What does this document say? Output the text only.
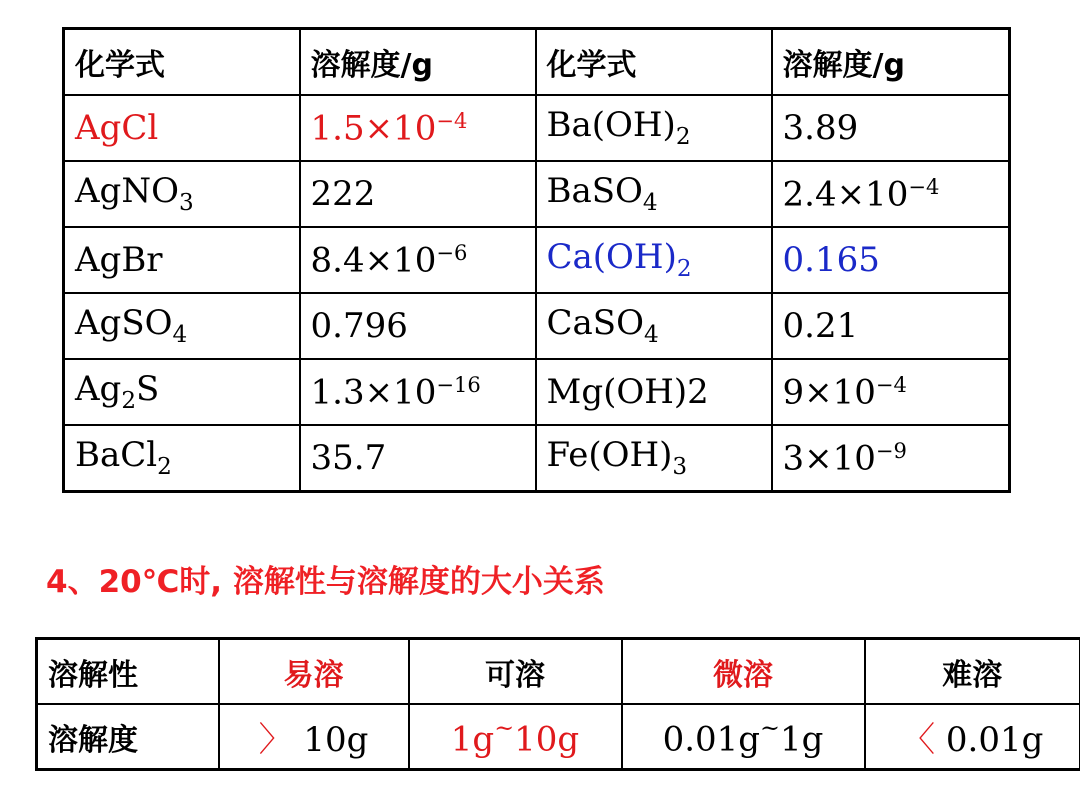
化学式	溶解度/g	化学式	溶解度/g
AgCl	$1.5\times 10^{-4}$	$Ba(OH)_2$	3.89
AgNO$_3$	222	BaSO$_4$	$2.4\times 10^{-4}$
AgBr	$8.4\times 10^{-6}$	$Ca(OH)_2$	0.165
AgSO$_4$	0.796	CaSO$_4$	0.21
$Ag_2S$	$1.3\times 10^{-16}$	Mg(OH)2	$9\times 10^{-4}$
BaCl$_2$	35.7	$Fe(OH)_3$	$3\times 10^{-9}$
4、20℃时, 溶解性与溶解度的大小关系
溶解性	易溶	可溶	微溶	难溶
溶解度	〉 10g	1g~10g	0.01g~1g	〈 0.01g
